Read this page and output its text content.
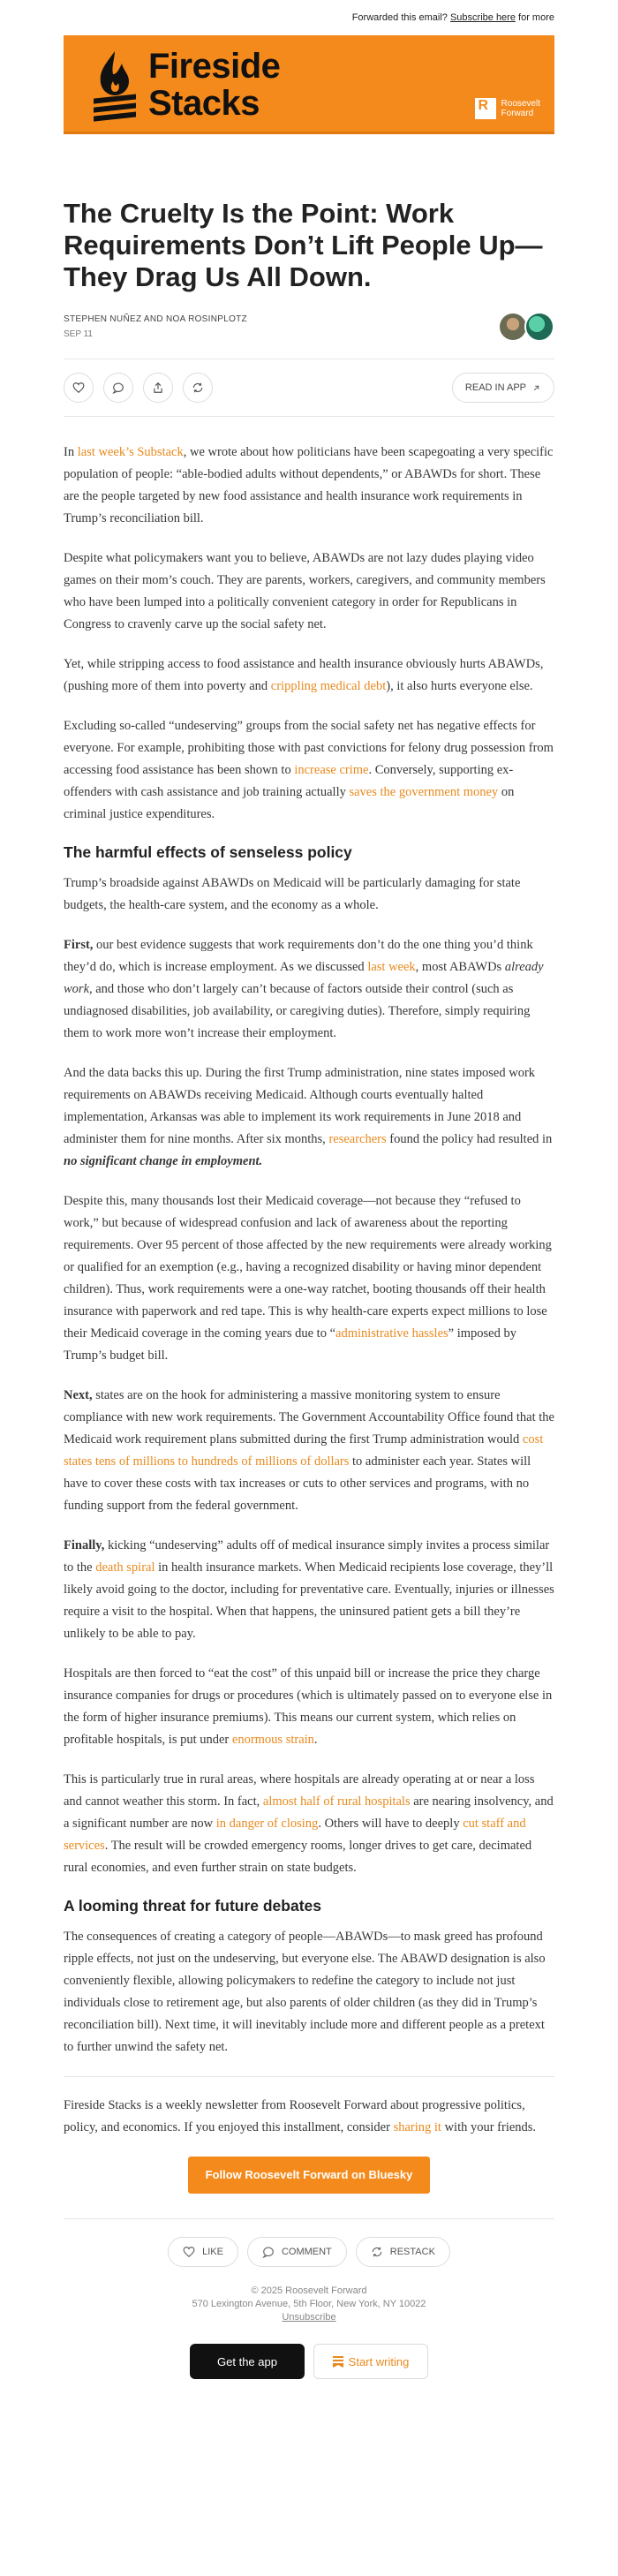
Forwarded this email? Subscribe here for more
Fireside
Stacks	R Roosevelt
Forward
The Cruelty Is the Point: Work Requirements Don’t Lift People Up—They Drag Us All Down.
STEPHEN NUÑEZ AND NOA ROSINPLOTZ
SEP 11
READ IN APP

In last week’s Substack, we wrote about how politicians have been scapegoating a very specific population of people: “able-bodied adults without dependents,” or ABAWDs for short. These are the people targeted by new food assistance and health insurance work requirements in Trump’s reconciliation bill.

Despite what policymakers want you to believe, ABAWDs are not lazy dudes playing video games on their mom’s couch. They are parents, workers, caregivers, and community members who have been lumped into a politically convenient category in order for Republicans in Congress to cravenly carve up the social safety net.

Yet, while stripping access to food assistance and health insurance obviously hurts ABAWDs, (pushing more of them into poverty and crippling medical debt), it also hurts everyone else.

Excluding so-called “undeserving” groups from the social safety net has negative effects for everyone. For example, prohibiting those with past convictions for felony drug possession from accessing food assistance has been shown to increase crime. Conversely, supporting ex-offenders with cash assistance and job training actually saves the government money on criminal justice expenditures.

The harmful effects of senseless policy

Trump’s broadside against ABAWDs on Medicaid will be particularly damaging for state budgets, the health-care system, and the economy as a whole.

First, our best evidence suggests that work requirements don’t do the one thing you’d think they’d do, which is increase employment. As we discussed last week, most ABAWDs already work, and those who don’t largely can’t because of factors outside their control (such as undiagnosed disabilities, job availability, or caregiving duties). Therefore, simply requiring them to work more won’t increase their employment.

And the data backs this up. During the first Trump administration, nine states imposed work requirements on ABAWDs receiving Medicaid. Although courts eventually halted implementation, Arkansas was able to implement its work requirements in June 2018 and administer them for nine months. After six months, researchers found the policy had resulted in no significant change in employment.

Despite this, many thousands lost their Medicaid coverage—not because they “refused to work,” but because of widespread confusion and lack of awareness about the reporting requirements. Over 95 percent of those affected by the new requirements were already working or qualified for an exemption (e.g., having a recognized disability or having minor dependent children). Thus, work requirements were a one-way ratchet, booting thousands off their health insurance with paperwork and red tape. This is why health-care experts expect millions to lose their Medicaid coverage in the coming years due to “administrative hassles” imposed by Trump’s budget bill.

Next, states are on the hook for administering a massive monitoring system to ensure compliance with new work requirements. The Government Accountability Office found that the Medicaid work requirement plans submitted during the first Trump administration would cost states tens of millions to hundreds of millions of dollars to administer each year. States will have to cover these costs with tax increases or cuts to other services and programs, with no funding support from the federal government.

Finally, kicking “undeserving” adults off of medical insurance simply invites a process similar to the death spiral in health insurance markets. When Medicaid recipients lose coverage, they’ll likely avoid going to the doctor, including for preventative care. Eventually, injuries or illnesses require a visit to the hospital. When that happens, the uninsured patient gets a bill they’re unlikely to be able to pay.

Hospitals are then forced to “eat the cost” of this unpaid bill or increase the price they charge insurance companies for drugs or procedures (which is ultimately passed on to everyone else in the form of higher insurance premiums). This means our current system, which relies on profitable hospitals, is put under enormous strain.

This is particularly true in rural areas, where hospitals are already operating at or near a loss and cannot weather this storm. In fact, almost half of rural hospitals are nearing insolvency, and a significant number are now in danger of closing. Others will have to deeply cut staff and services. The result will be crowded emergency rooms, longer drives to get care, decimated rural economies, and even further strain on state budgets.

A looming threat for future debates

The consequences of creating a category of people—ABAWDs—to mask greed has profound ripple effects, not just on the undeserving, but everyone else. The ABAWD designation is also conveniently flexible, allowing policymakers to redefine the category to include not just individuals close to retirement age, but also parents of older children (as they did in Trump’s reconciliation bill). Next time, it will inevitably include more and different people as a pretext to further unwind the safety net.

Fireside Stacks is a weekly newsletter from Roosevelt Forward about progressive politics, policy, and economics. If you enjoyed this installment, consider sharing it with your friends.

Follow Roosevelt Forward on Bluesky
LIKE	COMMENT	RESTACK
© 2025 Roosevelt Forward
570 Lexington Avenue, 5th Floor, New York, NY 10022
Unsubscribe
Get the app	Start writing
